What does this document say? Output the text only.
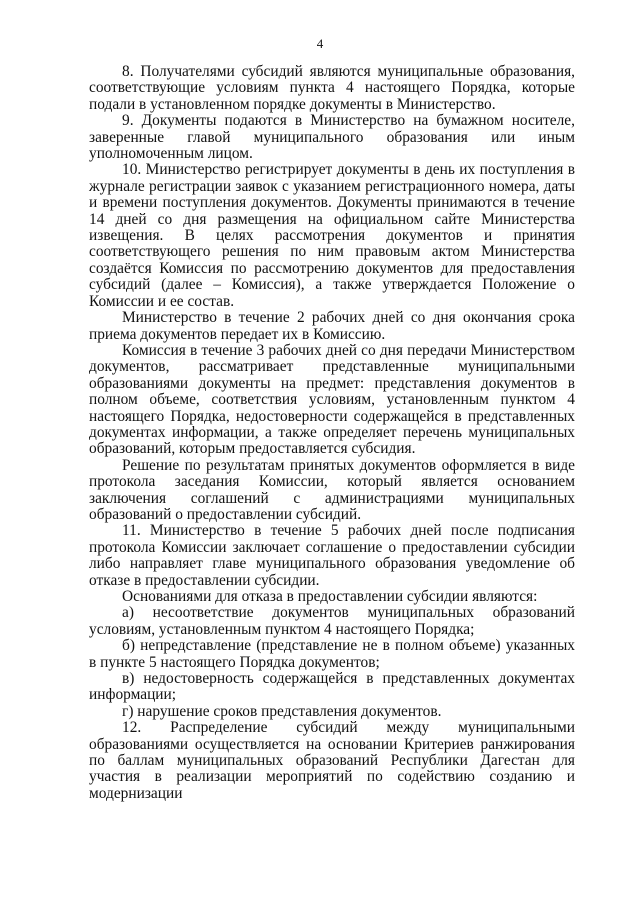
4

8. Получателями субсидий являются муниципальные образования, соответствующие условиям пункта 4 настоящего Порядка, которые подали в установленном порядке документы в Министерство.

9. Документы подаются в Министерство на бумажном носителе, заверенные главой муниципального образования или иным уполномоченным лицом.

10. Министерство регистрирует документы в день их поступления в журнале регистрации заявок с указанием регистрационного номера, даты и времени поступления документов. Документы принимаются в течение 14 дней со дня размещения на официальном сайте Министерства извещения. В целях рассмотрения документов и принятия соответствующего решения по ним правовым актом Министерства создаётся Комиссия по рассмотрению документов для предоставления субсидий (далее – Комиссия), а также утверждается Положение о Комиссии и ее состав.

Министерство в течение 2 рабочих дней со дня окончания срока приема документов передает их в Комиссию.

Комиссия в течение 3 рабочих дней со дня передачи Министерством документов, рассматривает представленные муниципальными образованиями документы на предмет: представления документов в полном объеме, соответствия условиям, установленным пунктом 4 настоящего Порядка, недостоверности содержащейся в представленных документах информации, а также определяет перечень муниципальных образований, которым предоставляется субсидия.

Решение по результатам принятых документов оформляется в виде протокола заседания Комиссии, который является основанием заключения соглашений с администрациями муниципальных образований о предоставлении субсидий.

11. Министерство в течение 5 рабочих дней после подписания протокола Комиссии заключает соглашение о предоставлении субсидии либо направляет главе муниципального образования уведомление об отказе в предоставлении субсидии.

Основаниями для отказа в предоставлении субсидии являются:

а) несоответствие документов муниципальных образований условиям, установленным пунктом 4 настоящего Порядка;

б) непредставление (представление не в полном объеме) указанных в пункте 5 настоящего Порядка документов;

в) недостоверность содержащейся в представленных документах информации;

г) нарушение сроков представления документов.

12. Распределение субсидий между муниципальными образованиями осуществляется на основании Критериев ранжирования по баллам муниципальных образований Республики Дагестан для участия в реализации мероприятий по содействию созданию и модернизации
